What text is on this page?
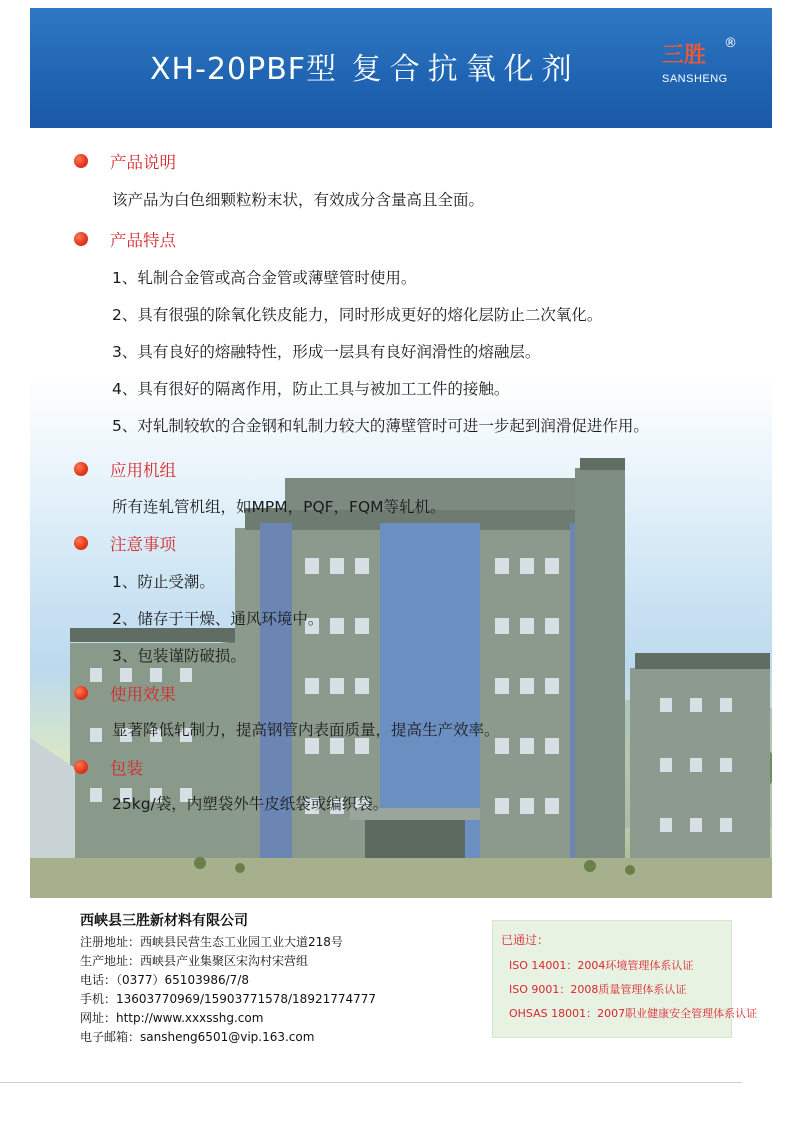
XH-20PBF型 复合抗氧化剂	三胜 ®
SANSHENG
产品说明
该产品为白色细颗粒粉末状，有效成分含量高且全面。
产品特点
1、轧制合金管或高合金管或薄壁管时使用。
2、具有很强的除氧化铁皮能力，同时形成更好的熔化层防止二次氧化。
3、具有良好的熔融特性，形成一层具有良好润滑性的熔融层。
4、具有很好的隔离作用，防止工具与被加工工件的接触。
5、对轧制较软的合金钢和轧制力较大的薄壁管时可进一步起到润滑促进作用。
应用机组
所有连轧管机组，如MPM，PQF，FQM等轧机。
注意事项
1、防止受潮。
2、储存于干燥、通风环境中。
3、包装谨防破损。
使用效果
显著降低轧制力，提高钢管内表面质量，提高生产效率。
包装
25kg/袋，内塑袋外牛皮纸袋或编织袋。
西峡县三胜新材料有限公司
注册地址：西峡县民营生态工业园工业大道218号
生产地址：西峡县产业集聚区宋沟村宋营组
电话：（0377）65103986/7/8
手机：13603770969/15903771578/18921774777
网址：http://www.xxxsshg.com
电子邮箱：sansheng6501@vip.163.com
已通过：
ISO 14001：2004环境管理体系认证
ISO 9001：2008质量管理体系认证
OHSAS 18001：2007职业健康安全管理体系认证
